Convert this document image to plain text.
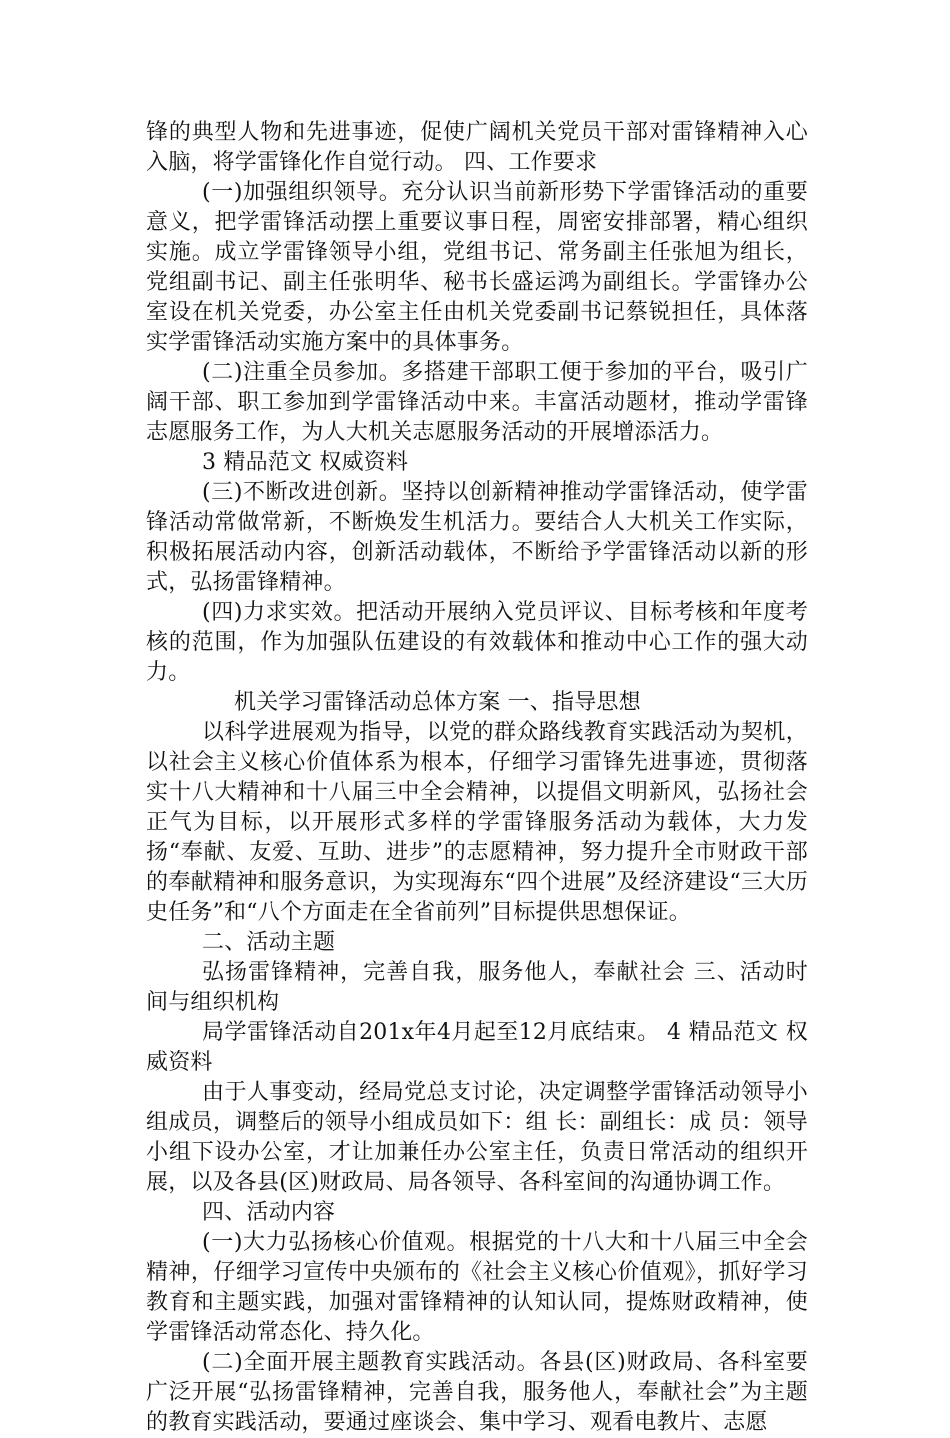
锋的典型人物和先进事迹，促使广阔机关党员干部对雷锋精神入心入脑，将学雷锋化作自觉行动。 四、工作要求

(一)加强组织领导。充分认识当前新形势下学雷锋活动的重要意义，把学雷锋活动摆上重要议事日程，周密安排部署，精心组织实施。成立学雷锋领导小组，党组书记、常务副主任张旭为组长，党组副书记、副主任张明华、秘书长盛运鸿为副组长。学雷锋办公室设在机关党委，办公室主任由机关党委副书记蔡锐担任，具体落实学雷锋活动实施方案中的具体事务。

(二)注重全员参加。多搭建干部职工便于参加的平台，吸引广阔干部、职工参加到学雷锋活动中来。丰富活动题材，推动学雷锋志愿服务工作，为人大机关志愿服务活动的开展增添活力。

3 精品范文 权威资料

(三)不断改进创新。坚持以创新精神推动学雷锋活动，使学雷锋活动常做常新，不断焕发生机活力。要结合人大机关工作实际，积极拓展活动内容，创新活动载体，不断给予学雷锋活动以新的形式，弘扬雷锋精神。

(四)力求实效。把活动开展纳入党员评议、目标考核和年度考核的范围，作为加强队伍建设的有效载体和推动中心工作的强大动力。

机关学习雷锋活动总体方案 一、指导思想

以科学进展观为指导，以党的群众路线教育实践活动为契机，以社会主义核心价值体系为根本，仔细学习雷锋先进事迹，贯彻落实十八大精神和十八届三中全会精神，以提倡文明新风，弘扬社会正气为目标，以开展形式多样的学雷锋服务活动为载体，大力发扬“奉献、友爱、互助、进步”的志愿精神，努力提升全市财政干部的奉献精神和服务意识，为实现海东“四个进展”及经济建设“三大历史任务”和“八个方面走在全省前列”目标提供思想保证。

二、活动主题

弘扬雷锋精神，完善自我，服务他人，奉献社会 三、活动时间与组织机构

局学雷锋活动自201x年4月起至12月底结束。 4 精品范文 权威资料

由于人事变动，经局党总支讨论，决定调整学雷锋活动领导小组成员，调整后的领导小组成员如下：组 长：副组长：成 员：领导小组下设办公室，才让加兼任办公室主任，负责日常活动的组织开展，以及各县(区)财政局、局各领导、各科室间的沟通协调工作。

四、活动内容

(一)大力弘扬核心价值观。根据党的十八大和十八届三中全会精神，仔细学习宣传中央颁布的《社会主义核心价值观》，抓好学习教育和主题实践，加强对雷锋精神的认知认同，提炼财政精神，使学雷锋活动常态化、持久化。

(二)全面开展主题教育实践活动。各县(区)财政局、各科室要广泛开展“弘扬雷锋精神，完善自我，服务他人，奉献社会”为主题的教育实践活动，要通过座谈会、集中学习、观看电教片、志愿
